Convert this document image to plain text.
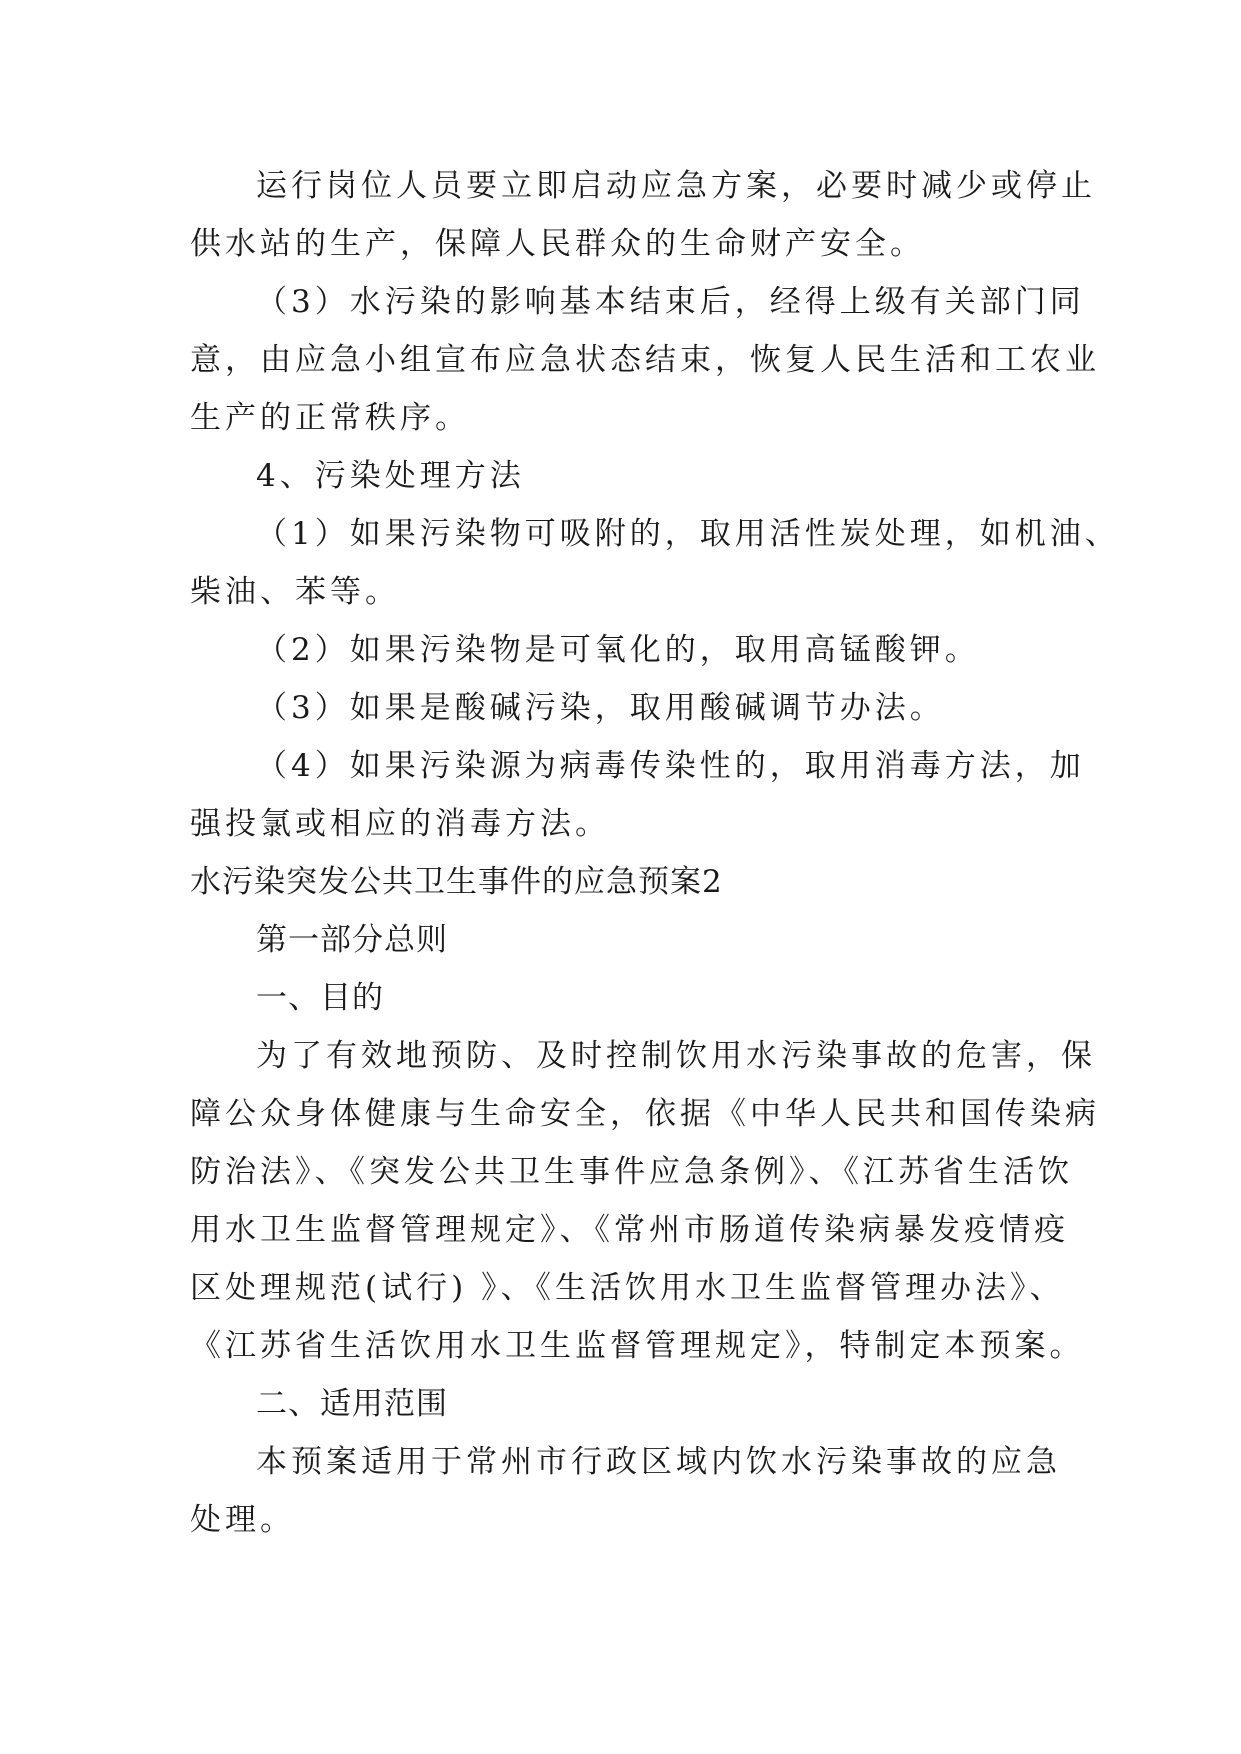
运行岗位人员要立即启动应急方案，必要时减少或停止
供水站的生产，保障人民群众的生命财产安全。
（3）水污染的影响基本结束后，经得上级有关部门同
意，由应急小组宣布应急状态结束，恢复人民生活和工农业
生产的正常秩序。
4、污染处理方法
（1）如果污染物可吸附的，取用活性炭处理，如机油、
柴油、苯等。
（2）如果污染物是可氧化的，取用高锰酸钾。
（3）如果是酸碱污染，取用酸碱调节办法。
（4）如果污染源为病毒传染性的，取用消毒方法，加
强投氯或相应的消毒方法。
水污染突发公共卫生事件的应急预案2
第一部分总则
一、目的
为了有效地预防、及时控制饮用水污染事故的危害，保
障公众身体健康与生命安全，依据《中华人民共和国传染病
防治法》、《突发公共卫生事件应急条例》、《江苏省生活饮
用水卫生监督管理规定》、《常州市肠道传染病暴发疫情疫
区处理规范(试行) 》、《生活饮用水卫生监督管理办法》、
《江苏省生活饮用水卫生监督管理规定》，特制定本预案。
二、适用范围
本预案适用于常州市行政区域内饮水污染事故的应急
处理。
